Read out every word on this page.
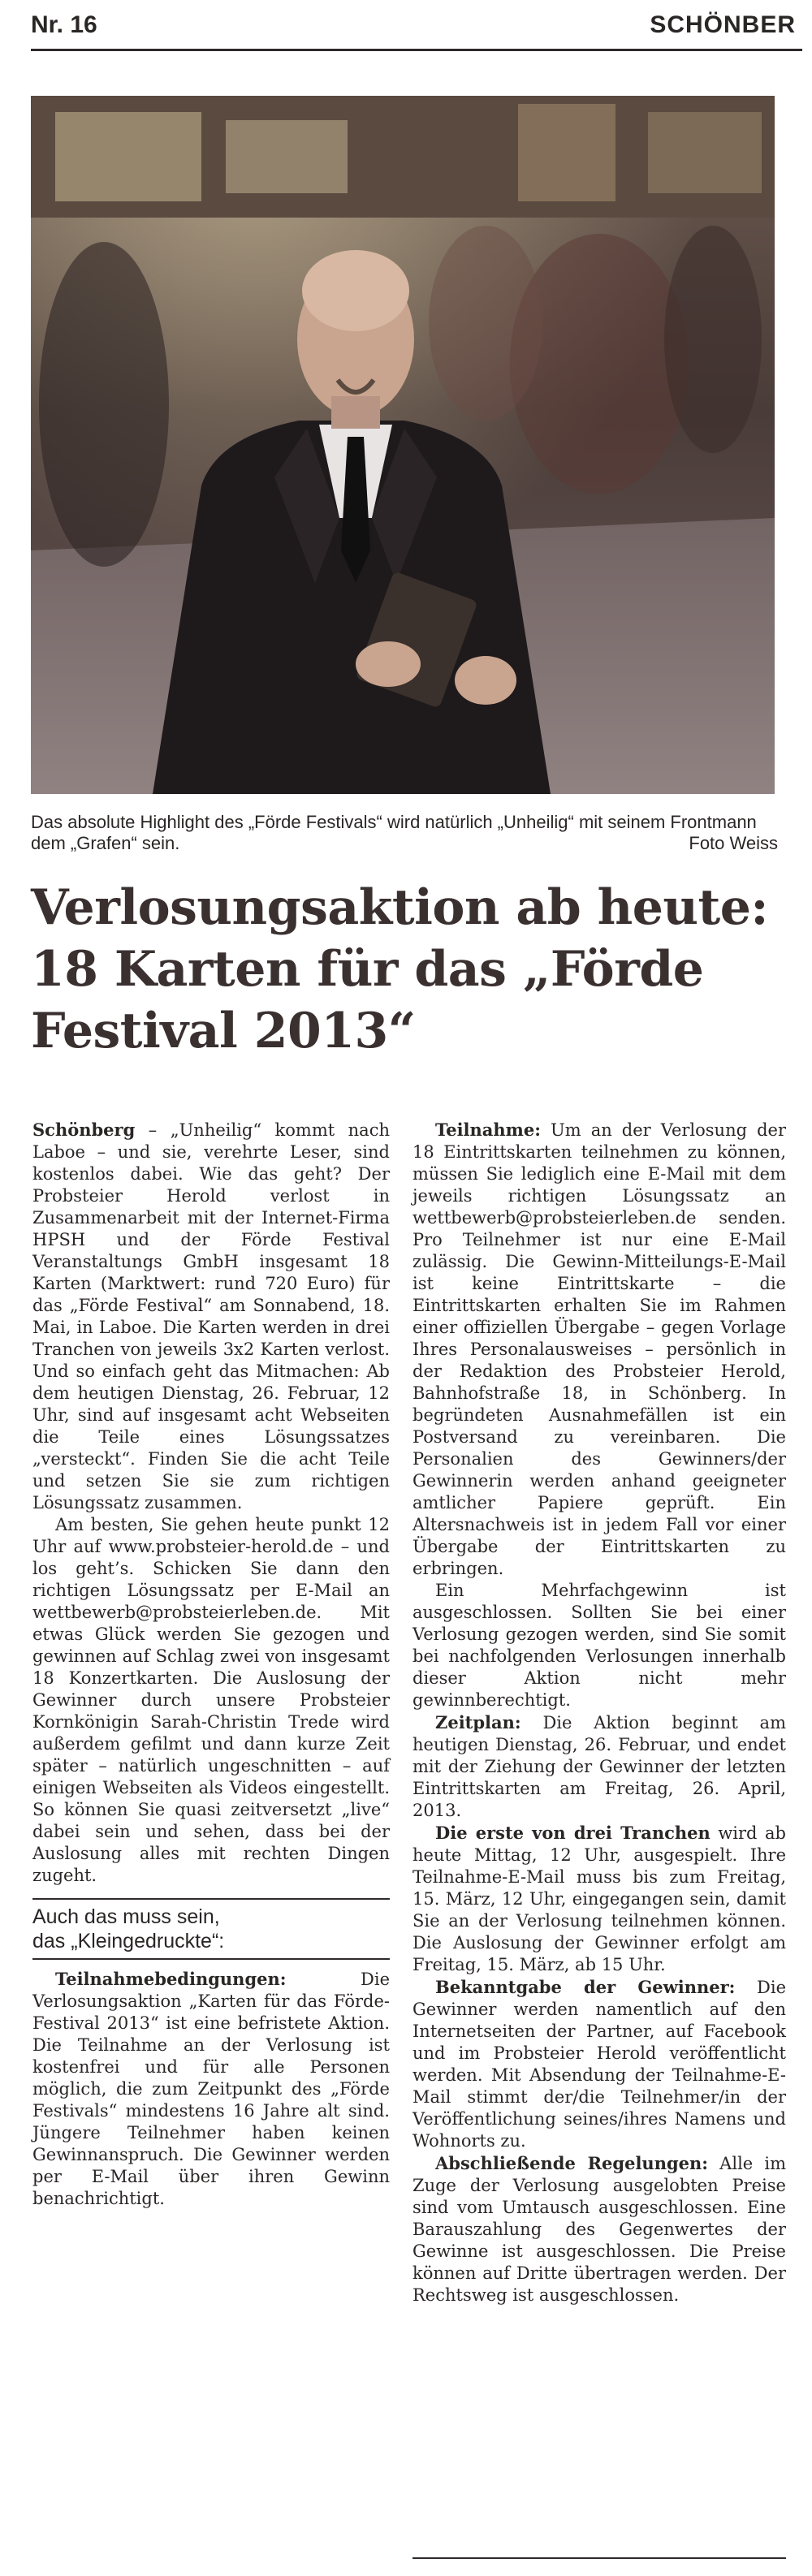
Nr. 16	SCHÖNBER
Das absolute Highlight des „Förde Festivals“ wird natürlich „Unheilig“ mit seinem Frontmann dem „Grafen“ sein.	Foto Weiss
Verlosungsaktion ab heute: 18 Karten für das „Förde Festival 2013“

Schönberg – „Unheilig“ kommt nach Laboe – und sie, verehrte Leser, sind kostenlos dabei. Wie das geht? Der Probsteier Herold verlost in Zusammenarbeit mit der Internet-Firma HPSH und der Förde Festival Veranstaltungs GmbH insgesamt 18 Karten (Marktwert: rund 720 Euro) für das „Förde Festival“ am Sonnabend, 18. Mai, in Laboe. Die Karten werden in drei Tranchen von jeweils 3x2 Karten verlost. Und so einfach geht das Mitmachen: Ab dem heutigen Dienstag, 26. Februar, 12 Uhr, sind auf insgesamt acht Webseiten die Teile eines Lösungssatzes „versteckt“. Finden Sie die acht Teile und setzen Sie sie zum richtigen Lösungssatz zusammen.

Am besten, Sie gehen heute punkt 12 Uhr auf www.probsteier-herold.de – und los geht’s. Schicken Sie dann den richtigen Lösungssatz per E-Mail an wettbewerb@probsteierleben.de. Mit etwas Glück werden Sie gezogen und gewinnen auf Schlag zwei von insgesamt 18 Konzertkarten. Die Auslosung der Gewinner durch unsere Probsteier Kornkönigin Sarah-Christin Trede wird außerdem gefilmt und dann kurze Zeit später – natürlich ungeschnitten – auf einigen Webseiten als Videos eingestellt. So können Sie quasi zeitversetzt „live“ dabei sein und sehen, dass bei der Auslosung alles mit rechten Dingen zugeht.

Auch das muss sein,
das „Kleingedruckte“:

Teilnahmebedingungen: Die Verlosungsaktion „Karten für das Förde-Festival 2013“ ist eine befristete Aktion. Die Teilnahme an der Verlosung ist kostenfrei und für alle Personen möglich, die zum Zeitpunkt des „Förde Festivals“ mindestens 16 Jahre alt sind. Jüngere Teilnehmer haben keinen Gewinnanspruch. Die Gewinner werden per E-Mail über ihren Gewinn benachrichtigt.

Teilnahme: Um an der Verlosung der 18 Eintrittskarten teilnehmen zu können, müssen Sie lediglich eine E-Mail mit dem jeweils richtigen Lösungssatz an wettbewerb@probsteierleben.de senden. Pro Teilnehmer ist nur eine E-Mail zulässig. Die Gewinn-Mitteilungs-E-Mail ist keine Eintrittskarte – die Eintrittskarten erhalten Sie im Rahmen einer offiziellen Übergabe – gegen Vorlage Ihres Personalausweises – persönlich in der Redaktion des Probsteier Herold, Bahnhofstraße 18, in Schönberg. In begründeten Ausnahmefällen ist ein Postversand zu vereinbaren. Die Personalien des Gewinners/der Gewinnerin werden anhand geeigneter amtlicher Papiere geprüft. Ein Altersnachweis ist in jedem Fall vor einer Übergabe der Eintrittskarten zu erbringen.

Ein Mehrfachgewinn ist ausgeschlossen. Sollten Sie bei einer Verlosung gezogen werden, sind Sie somit bei nachfolgenden Verlosungen innerhalb dieser Aktion nicht mehr gewinnberechtigt.

Zeitplan: Die Aktion beginnt am heutigen Dienstag, 26. Februar, und endet mit der Ziehung der Gewinner der letzten Eintrittskarten am Freitag, 26. April, 2013.

Die erste von drei Tranchen wird ab heute Mittag, 12 Uhr, ausgespielt. Ihre Teilnahme-E-Mail muss bis zum Freitag, 15. März, 12 Uhr, eingegangen sein, damit Sie an der Verlosung teilnehmen können. Die Auslosung der Gewinner erfolgt am Freitag, 15. März, ab 15 Uhr.

Bekanntgabe der Gewinner: Die Gewinner werden namentlich auf den Internetseiten der Partner, auf Facebook und im Probsteier Herold veröffentlicht werden. Mit Absendung der Teilnahme-E-Mail stimmt der/die Teilnehmer/in der Veröffentlichung seines/ihres Namens und Wohnorts zu.

Abschließende Regelungen: Alle im Zuge der Verlosung ausgelobten Preise sind vom Umtausch ausgeschlossen. Eine Barauszahlung des Gegenwertes der Gewinne ist ausgeschlossen. Die Preise können auf Dritte übertragen werden. Der Rechtsweg ist ausgeschlossen.
